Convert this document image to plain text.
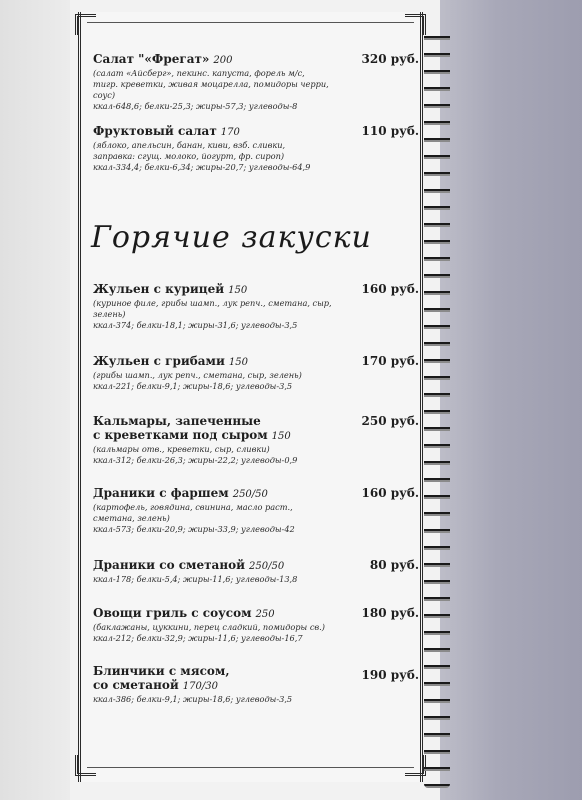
Салат "«Фрегат» 200	320 руб.
(салат «Айсберг», пекинс. капуста, форель м/с,
тигр. креветки, живая моцарелла, помидоры черри,
соус)
ккал-648,6; белки-25,3; жиры-57,3; углеводы-8
Фруктовый салат 170	110 руб.
(яблоко, апельсин, банан, киви, взб. сливки,
заправка: сгущ. молоко, йогурт, фр. сироп)
ккал-334,4; белки-6,34; жиры-20,7; углеводы-64,9
Горячие закуски
Жульен с курицей 150	160 руб.
(куриное филе, грибы шамп., лук репч., сметана, сыр,
зелень)
ккал-374; белки-18,1; жиры-31,6; углеводы-3,5
Жульен с грибами 150	170 руб.
(грибы шамп., лук репч., сметана, сыр, зелень)
ккал-221; белки-9,1; жиры-18,6; углеводы-3,5
Кальмары, запеченные
с креветками под сыром 150
250 руб.
(кальмары отв., креветки, сыр, сливки)
ккал-312; белки-26,3; жиры-22,2; углеводы-0,9
Драники с фаршем 250/50	160 руб.
(картофель, говядина, свинина, масло раст.,
сметана, зелень)
ккал-573; белки-20,9; жиры-33,9; углеводы-42
Драники со сметаной 250/50	80 руб.
ккал-178; белки-5,4; жиры-11,6; углеводы-13,8
Овощи гриль с соусом 250	180 руб.
(баклажаны, цуккини, перец сладкий, помидоры св.)
ккал-212; белки-32,9; жиры-11,6; углеводы-16,7
Блинчики с мясом,
со сметаной 170/30
190 руб.
ккал-386; белки-9,1; жиры-18,6; углеводы-3,5
